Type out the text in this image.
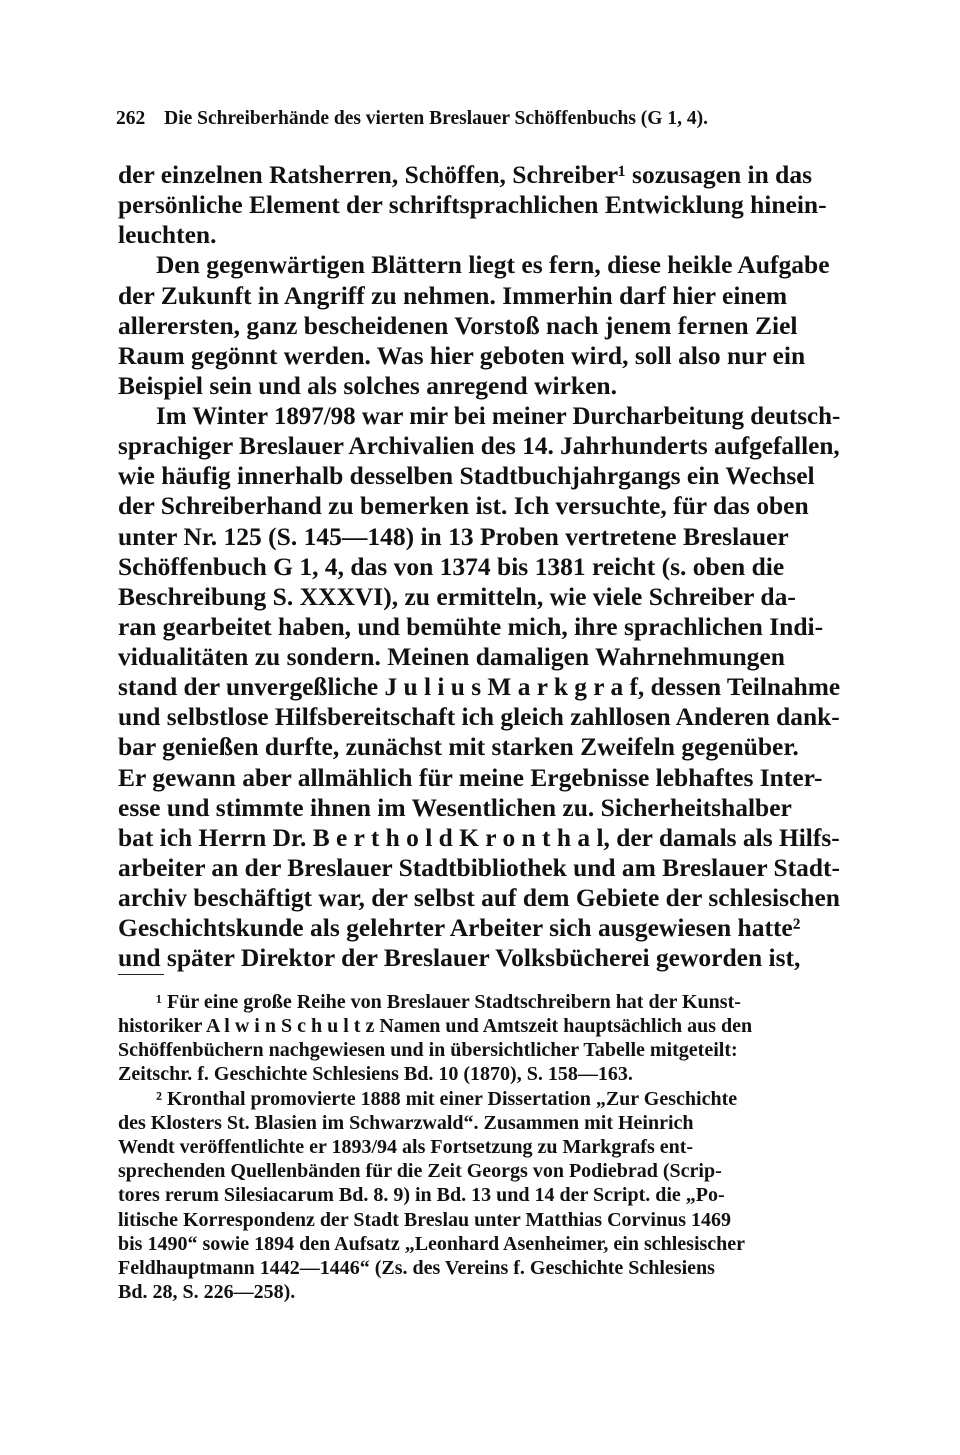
262 Die Schreiberhände des vierten Breslauer Schöffenbuchs (G 1, 4).
der einzelnen Ratsherren, Schöffen, Schreiber¹ sozusagen in das
persönliche Element der schriftsprachlichen Entwicklung hinein-
leuchten.
Den gegenwärtigen Blättern liegt es fern, diese heikle Aufgabe
der Zukunft in Angriff zu nehmen. Immerhin darf hier einem
allerersten, ganz bescheidenen Vorstoß nach jenem fernen Ziel
Raum gegönnt werden. Was hier geboten wird, soll also nur ein
Beispiel sein und als solches anregend wirken.
Im Winter 1897/98 war mir bei meiner Durcharbeitung deutsch-
sprachiger Breslauer Archivalien des 14. Jahrhunderts aufgefallen,
wie häufig innerhalb desselben Stadtbuchjahrgangs ein Wechsel
der Schreiberhand zu bemerken ist. Ich versuchte, für das oben
unter Nr. 125 (S. 145—148) in 13 Proben vertretene Breslauer
Schöffenbuch G 1, 4, das von 1374 bis 1381 reicht (s. oben die
Beschreibung S. XXXVI), zu ermitteln, wie viele Schreiber da-
ran gearbeitet haben, und bemühte mich, ihre sprachlichen Indi-
vidualitäten zu sondern. Meinen damaligen Wahrnehmungen
stand der unvergeßliche J u l i u s M a r k g r a f, dessen Teilnahme
und selbstlose Hilfsbereitschaft ich gleich zahllosen Anderen dank-
bar genießen durfte, zunächst mit starken Zweifeln gegenüber.
Er gewann aber allmählich für meine Ergebnisse lebhaftes Inter-
esse und stimmte ihnen im Wesentlichen zu. Sicherheitshalber
bat ich Herrn Dr. B e r t h o l d K r o n t h a l, der damals als Hilfs-
arbeiter an der Breslauer Stadtbibliothek und am Breslauer Stadt-
archiv beschäftigt war, der selbst auf dem Gebiete der schlesischen
Geschichtskunde als gelehrter Arbeiter sich ausgewiesen hatte²
und später Direktor der Breslauer Volksbücherei geworden ist,
¹ Für eine große Reihe von Breslauer Stadtschreibern hat der Kunst-
historiker A l w i n S c h u l t z Namen und Amtszeit hauptsächlich aus den
Schöffenbüchern nachgewiesen und in übersichtlicher Tabelle mitgeteilt:
Zeitschr. f. Geschichte Schlesiens Bd. 10 (1870), S. 158—163.
² Kronthal promovierte 1888 mit einer Dissertation „Zur Geschichte
des Klosters St. Blasien im Schwarzwald“. Zusammen mit Heinrich
Wendt veröffentlichte er 1893/94 als Fortsetzung zu Markgrafs ent-
sprechenden Quellenbänden für die Zeit Georgs von Podiebrad (Scrip-
tores rerum Silesiacarum Bd. 8. 9) in Bd. 13 und 14 der Script. die „Po-
litische Korrespondenz der Stadt Breslau unter Matthias Corvinus 1469
bis 1490“ sowie 1894 den Aufsatz „Leonhard Asenheimer, ein schlesischer
Feldhauptmann 1442—1446“ (Zs. des Vereins f. Geschichte Schlesiens
Bd. 28, S. 226—258).
